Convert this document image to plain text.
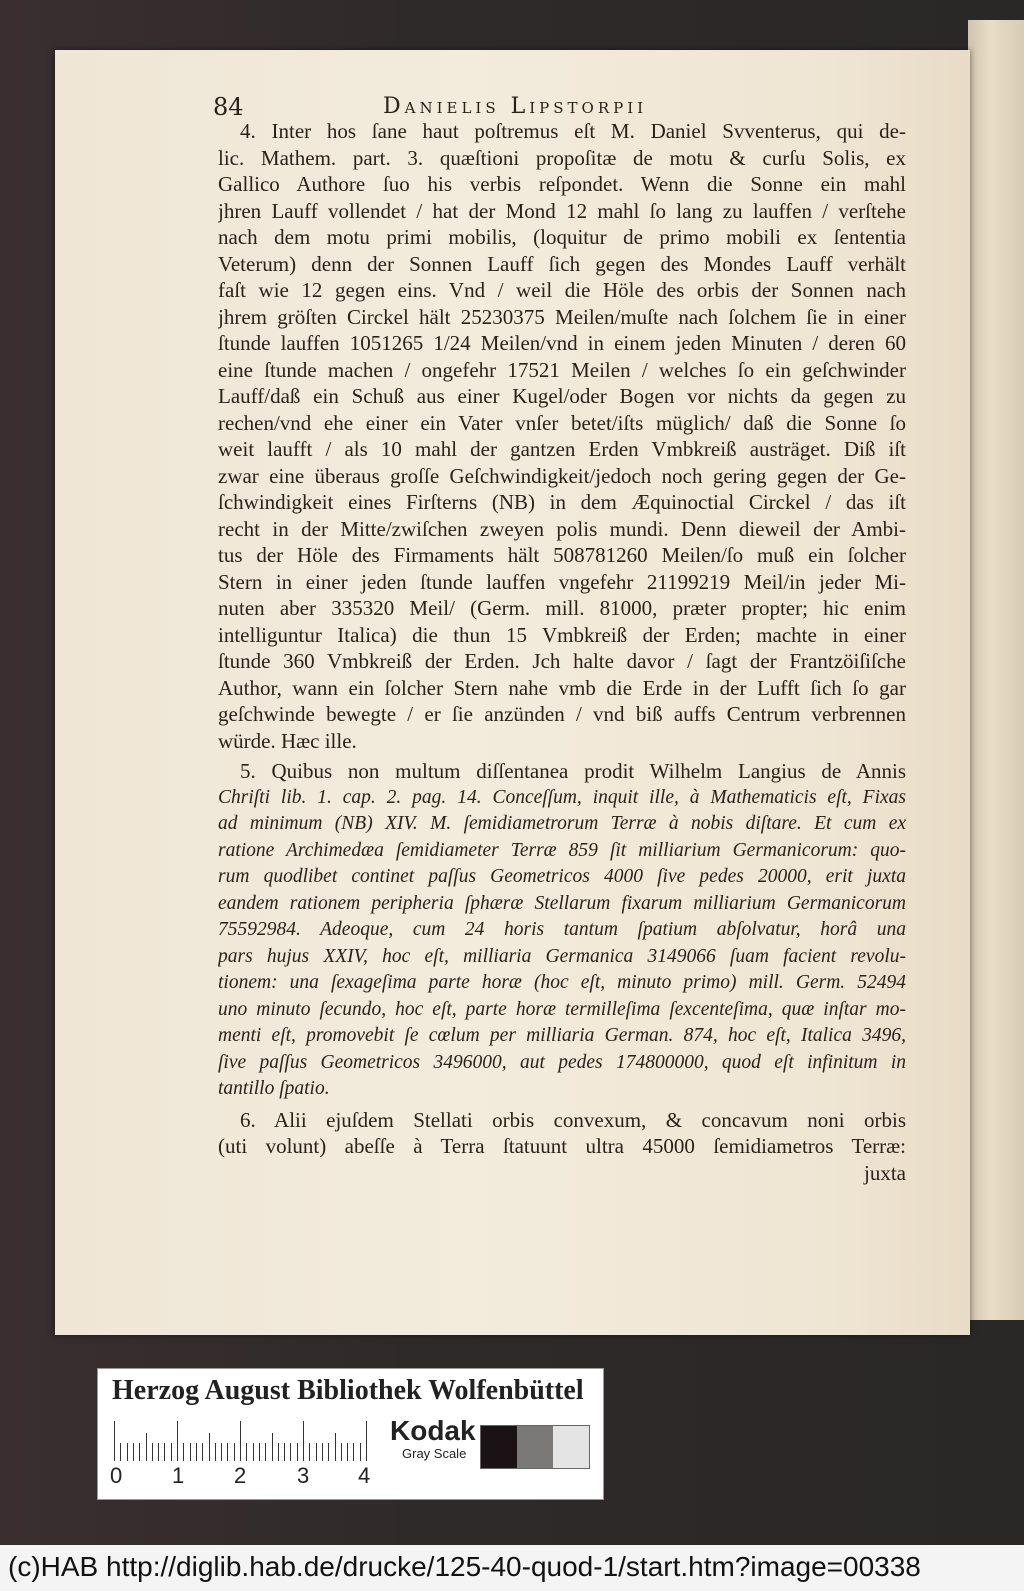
84	Danielis Lipstorpii
4. Inter hos ſane haut poſtremus eſt M. Daniel Svventerus, qui de-
lic. Mathem. part. 3. quæſtioni propoſitæ de motu & curſu Solis, ex
Gallico Authore ſuo his verbis reſpondet. Wenn die Sonne ein mahl
jhren Lauff vollendet / hat der Mond 12 mahl ſo lang zu lauffen / verſtehe
nach dem motu primi mobilis, (loquitur de primo mobili ex ſententia
Veterum) denn der Sonnen Lauff ſich gegen des Mondes Lauff verhält
faſt wie 12 gegen eins. Vnd / weil die Höle des orbis der Sonnen nach
jhrem gröſten Circkel hält 25230375 Meilen/muſte nach ſolchem ſie in einer
ſtunde lauffen 1051265 1/24 Meilen/vnd in einem jeden Minuten / deren 60
eine ſtunde machen / ongefehr 17521 Meilen / welches ſo ein geſchwinder
Lauff/daß ein Schuß aus einer Kugel/oder Bogen vor nichts da gegen zu
rechen/vnd ehe einer ein Vater vnſer betet/iſts müglich/ daß die Sonne ſo
weit laufft / als 10 mahl der gantzen Erden Vmbkreiß austräget. Diß iſt
zwar eine überaus groſſe Geſchwindigkeit/jedoch noch gering gegen der Ge-
ſchwindigkeit eines Firſterns (NB) in dem Æquinoctial Circkel / das iſt
recht in der Mitte/zwiſchen zweyen polis mundi. Denn dieweil der Ambi-
tus der Höle des Firmaments hält 508781260 Meilen/ſo muß ein ſolcher
Stern in einer jeden ſtunde lauffen vngefehr 21199219 Meil/in jeder Mi-
nuten aber 335320 Meil/ (Germ. mill. 81000, præter propter; hic enim
intelliguntur Italica) die thun 15 Vmbkreiß der Erden; machte in einer
ſtunde 360 Vmbkreiß der Erden. Jch halte davor / ſagt der Frantzöiſiſche
Author, wann ein ſolcher Stern nahe vmb die Erde in der Lufft ſich ſo gar
geſchwinde bewegte / er ſie anzünden / vnd biß auffs Centrum verbrennen
würde. Hæc ille.
5. Quibus non multum diſſentanea prodit Wilhelm Langius de Annis
Chriſti lib. 1. cap. 2. pag. 14. Conceſſum, inquit ille, à Mathematicis eſt, Fixas
ad minimum (NB) XIV. M. ſemidiametrorum Terræ à nobis diſtare. Et cum ex
ratione Archimedæa ſemidiameter Terræ 859 ſit milliarium Germanicorum: quo-
rum quodlibet continet paſſus Geometricos 4000 ſive pedes 20000, erit juxta
eandem rationem peripheria ſphæræ Stellarum fixarum milliarium Germanicorum
75592984. Adeoque, cum 24 horis tantum ſpatium abſolvatur, horâ una
pars hujus XXIV, hoc eſt, milliaria Germanica 3149066 ſuam facient revolu-
tionem: una ſexageſima parte horæ (hoc eſt, minuto primo) mill. Germ. 52494
uno minuto ſecundo, hoc eſt, parte horæ termilleſima ſexcenteſima, quæ inſtar mo-
menti eſt, promovebit ſe cœlum per milliaria German. 874, hoc eſt, Italica 3496,
ſive paſſus Geometricos 3496000, aut pedes 174800000, quod eſt infinitum in
tantillo ſpatio.
6. Alii ejuſdem Stellati orbis convexum, & concavum noni orbis
(uti volunt) abeſſe à Terra ſtatuunt ultra 45000 ſemidiametros Terræ:
juxta
Herzog August Bibliothek Wolfenbüttel
0 1 2 3 4
Kodak
Gray Scale
(c)HAB http://diglib.hab.de/drucke/125-40-quod-1/start.htm?image=00338
